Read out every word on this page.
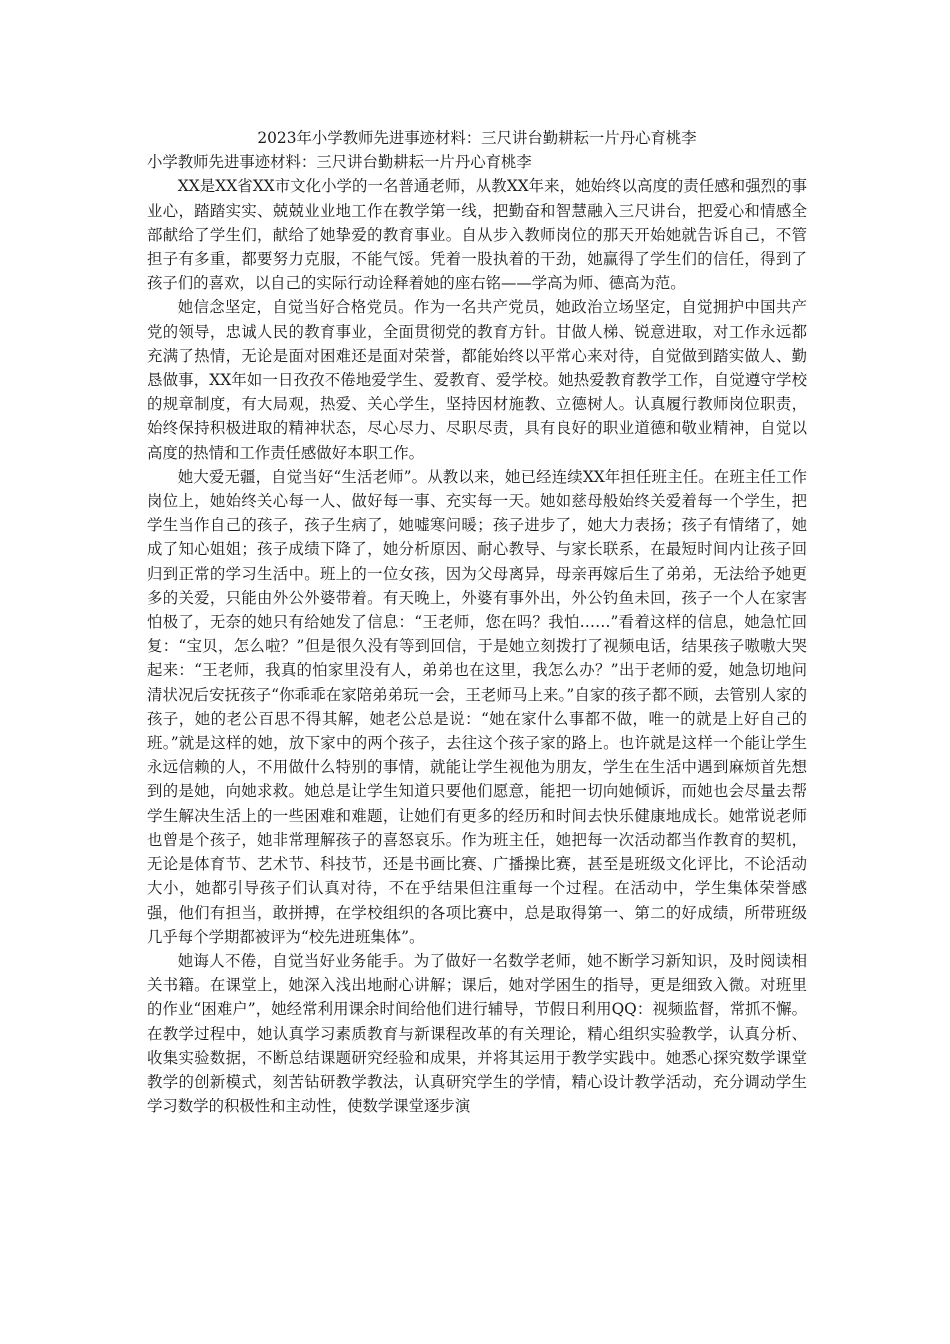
2023年小学教师先进事迹材料：三尺讲台勤耕耘一片丹心育桃李

小学教师先进事迹材料：三尺讲台勤耕耘一片丹心育桃李

XX是XX省XX市文化小学的一名普通老师，从教XX年来，她始终以高度的责任感和强烈的事业心，踏踏实实、兢兢业业地工作在教学第一线，把勤奋和智慧融入三尺讲台，把爱心和情感全部献给了学生们，献给了她挚爱的教育事业。自从步入教师岗位的那天开始她就告诉自己，不管担子有多重，都要努力克服，不能气馁。凭着一股执着的干劲，她赢得了学生们的信任，得到了孩子们的喜欢，以自己的实际行动诠释着她的座右铭——学高为师、德高为范。

她信念坚定，自觉当好合格党员。作为一名共产党员，她政治立场坚定，自觉拥护中国共产党的领导，忠诚人民的教育事业，全面贯彻党的教育方针。甘做人梯、锐意进取，对工作永远都充满了热情，无论是面对困难还是面对荣誉，都能始终以平常心来对待，自觉做到踏实做人、勤恳做事，XX年如一日孜孜不倦地爱学生、爱教育、爱学校。她热爱教育教学工作，自觉遵守学校的规章制度，有大局观，热爱、关心学生，坚持因材施教、立德树人。认真履行教师岗位职责，始终保持积极进取的精神状态，尽心尽力、尽职尽责，具有良好的职业道德和敬业精神，自觉以高度的热情和工作责任感做好本职工作。

她大爱无疆，自觉当好“生活老师”。从教以来，她已经连续XX年担任班主任。在班主任工作岗位上，她始终关心每一人、做好每一事、充实每一天。她如慈母般始终关爱着每一个学生，把学生当作自己的孩子，孩子生病了，她嘘寒问暖；孩子进步了，她大力表扬；孩子有情绪了，她成了知心姐姐；孩子成绩下降了，她分析原因、耐心教导、与家长联系，在最短时间内让孩子回归到正常的学习生活中。班上的一位女孩，因为父母离异，母亲再嫁后生了弟弟，无法给予她更多的关爱，只能由外公外婆带着。有天晚上，外婆有事外出，外公钓鱼未回，孩子一个人在家害怕极了，无奈的她只有给她发了信息：“王老师，您在吗？我怕……”看着这样的信息，她急忙回复：“宝贝，怎么啦？”但是很久没有等到回信，于是她立刻拨打了视频电话，结果孩子嗷嗷大哭起来：“王老师，我真的怕家里没有人，弟弟也在这里，我怎么办？”出于老师的爱，她急切地问清状况后安抚孩子“你乖乖在家陪弟弟玩一会，王老师马上来。”自家的孩子都不顾，去管别人家的孩子，她的老公百思不得其解，她老公总是说：“她在家什么事都不做，唯一的就是上好自己的班。”就是这样的她，放下家中的两个孩子，去往这个孩子家的路上。也许就是这样一个能让学生永远信赖的人，不用做什么特别的事情，就能让学生视他为朋友，学生在生活中遇到麻烦首先想到的是她，向她求救。她总是让学生知道只要他们愿意，能把一切向她倾诉，而她也会尽量去帮学生解决生活上的一些困难和难题，让她们有更多的经历和时间去快乐健康地成长。她常说老师也曾是个孩子，她非常理解孩子的喜怒哀乐。作为班主任，她把每一次活动都当作教育的契机，无论是体育节、艺术节、科技节，还是书画比赛、广播操比赛，甚至是班级文化评比，不论活动大小，她都引导孩子们认真对待，不在乎结果但注重每一个过程。在活动中，学生集体荣誉感强，他们有担当，敢拼搏，在学校组织的各项比赛中，总是取得第一、第二的好成绩，所带班级几乎每个学期都被评为“校先进班集体”。

她诲人不倦，自觉当好业务能手。为了做好一名数学老师，她不断学习新知识，及时阅读相关书籍。在课堂上，她深入浅出地耐心讲解；课后，她对学困生的指导，更是细致入微。对班里的作业“困难户”，她经常利用课余时间给他们进行辅导，节假日利用QQ：视频监督，常抓不懈。在教学过程中，她认真学习素质教育与新课程改革的有关理论，精心组织实验教学，认真分析、收集实验数据，不断总结课题研究经验和成果，并将其运用于教学实践中。她悉心探究数学课堂教学的创新模式，刻苦钻研教学教法，认真研究学生的学情，精心设计教学活动，充分调动学生学习数学的积极性和主动性，使数学课堂逐步演
